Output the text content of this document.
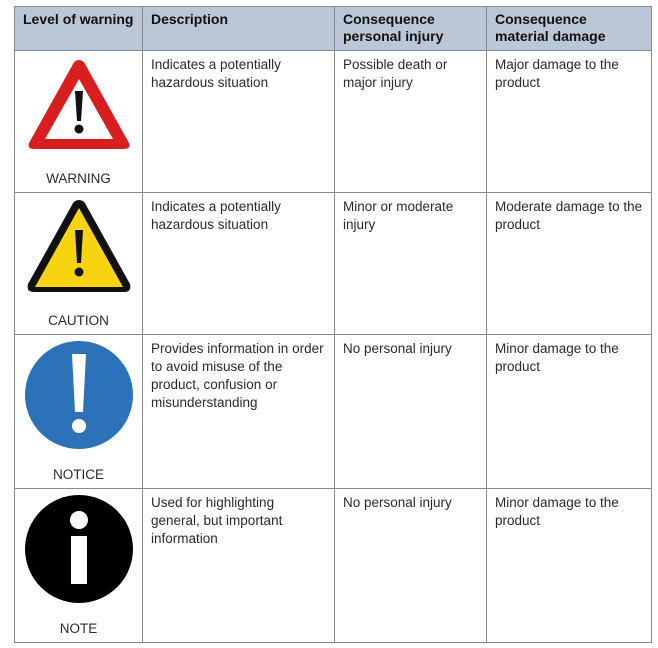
Level of warning	Description	Consequence personal injury	Consequence material damage

WARNING	Indicates a potentially hazardous situation	Possible death or major injury	Major damage to the product

CAUTION	Indicates a potentially hazardous situation	Minor or moderate injury	Moderate damage to the product

NOTICE	Provides information in order to avoid misuse of the product, confusion or misunderstanding	No personal injury	Minor damage to the product

NOTE	Used for highlighting general, but important information	No personal injury	Minor damage to the product
